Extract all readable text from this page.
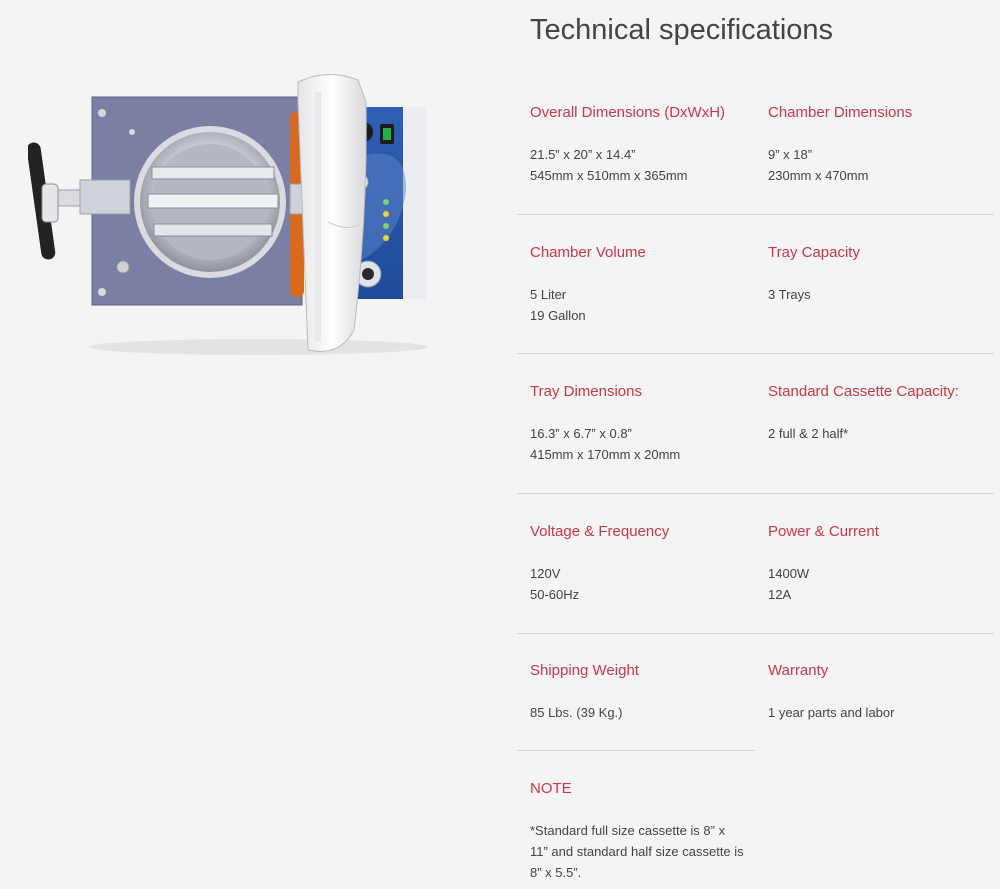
Technical specifications
Overall Dimensions (DxWxH)
21.5” x 20” x 14.4”
545mm x 510mm x 365mm
Chamber Dimensions
9” x 18”
230mm x 470mm
Chamber Volume
5 Liter
19 Gallon
Tray Capacity
3 Trays
Tray Dimensions
16.3” x 6.7” x 0.8”
415mm x 170mm x 20mm
Standard Cassette Capacity:
2 full & 2 half*
Voltage & Frequency
120V
50-60Hz
Power & Current
1400W
12A
Shipping Weight
85 Lbs. (39 Kg.)
Warranty
1 year parts and labor
NOTE
*Standard full size cassette is 8” x 11” and standard half size cassette is 8” x 5.5”.
